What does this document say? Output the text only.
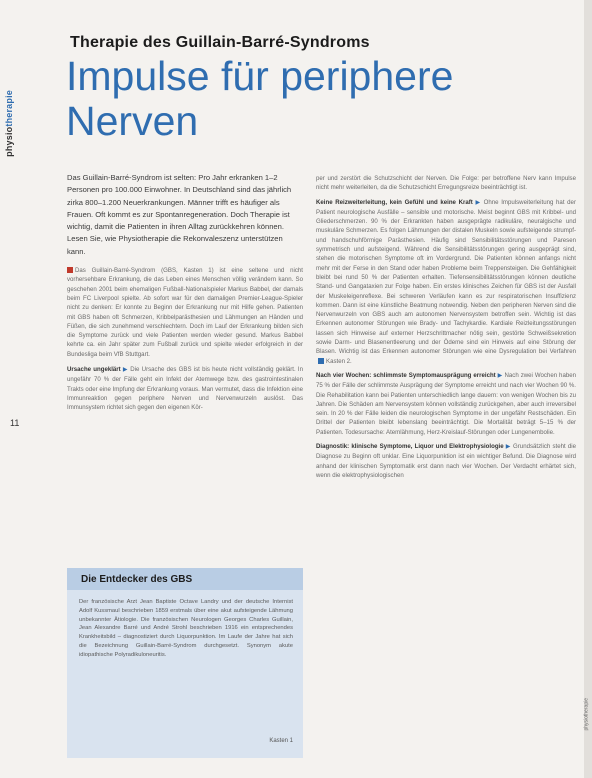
physiotherapie
11
Therapie des Guillain-Barré-Syndroms
Impulse für periphere
Nerven

Das Guillain-Barré-Syndrom ist selten: Pro Jahr erkranken 1–2 Personen pro 100.000 Einwohner. In Deutschland sind das jährlich zirka 800–1.200 Neuerkrankungen. Männer trifft es häufiger als Frauen. Oft kommt es zur Spontanregeneration. Doch Therapie ist wichtig, damit die Patienten in ihren Alltag zurückkehren können. Lesen Sie, wie Physiotherapie die Rekonvaleszenz unterstützen kann.

Das Guillain-Barré-Syndrom (GBS, Kasten 1) ist eine seltene und nicht vorhersehbare Erkrankung, die das Leben eines Menschen völlig verändern kann. So geschehen 2001 beim ehemaligen Fußball-Nationalspieler Markus Babbel, der damals beim FC Liverpool spielte. Ab sofort war für den damaligen Premier-League-Spieler nicht zu denken: Er konnte zu Beginn der Erkrankung nur mit Hilfe gehen. Patienten mit GBS haben oft Schmerzen, Kribbelparästhesien und Lähmungen an Händen und Füßen, die sich zunehmend verschlechtern. Doch im Lauf der Erkrankung bilden sich die Symptome zurück und viele Patienten werden wieder gesund. Markus Babbel kehrte ca. ein Jahr später zum Fußball zurück und spielte wieder erfolgreich in der Bundesliga beim VfB Stuttgart.

Ursache ungeklärt ▶ Die Ursache des GBS ist bis heute nicht vollständig geklärt. In ungefähr 70 % der Fälle geht ein Infekt der Atemwege bzw. des gastrointestinalen Trakts oder eine Impfung der Erkrankung voraus. Man vermutet, dass die Infektion eine Immunreaktion gegen periphere Nerven und Nervenwurzeln auslöst. Das Immunsystem richtet sich gegen den eigenen Kör-

Die Entdecker des GBS
Der französische Arzt Jean Baptiste Octave Landry und der deutsche Internist Adolf Kussmaul beschrieben 1859 erstmals über eine akut aufsteigende Lähmung unbekannter Ätiologie. Die französischen Neurologen Georges Charles Guillain, Jean Alexandre Barré und André Strohl beschrieben 1916 ein entsprechendes Krankheitsbild – diagnostiziert durch Liquorpunktion. Im Laufe der Jahre hat sich die Bezeichnung Guillain-Barré-Syndrom durchgesetzt. Synonym akute idiopathische Polyradikuloneuritis.
Kasten 1

per und zerstört die Schutzschicht der Nerven. Die Folge: per betroffene Nerv kann Impulse nicht mehr weiterleiten, da die Schutzschicht Erregungsreize beeinträchtigt ist.

Keine Reizweiterleitung, kein Gefühl und keine Kraft ▶ Ohne Impulsweiterleitung hat der Patient neurologische Ausfälle – sensible und motorische. Meist beginnt GBS mit Kribbel- und Gliederschmerzen. 90 % der Erkrankten haben ausgeprägte radikuläre, neuralgische und muskuläre Schmerzen. Es folgen Lähmungen der distalen Muskeln sowie aufsteigende strumpf- und handschuhförmige Parästhesien. Häufig sind Sensibilitätsstörungen und Paresen symmetrisch und aufsteigend. Während die Sensibilitätsstörungen gering ausgeprägt sind, stehen die motorischen Symptome oft im Vordergrund. Die Patienten können anfangs nicht mehr mit der Ferse in den Stand oder haben Probleme beim Treppensteigen. Die Gehfähigkeit bleibt bei rund 50 % der Patienten erhalten. Tiefensensibilitätsstörungen können deutliche Stand- und Gangataxien zur Folge haben. Ein erstes klinisches Zeichen für GBS ist der Ausfall der Muskeleigenreflexe. Bei schweren Verläufen kann es zur respiratorischen Insuffizienz kommen. Dann ist eine künstliche Beatmung notwendig. Neben den peripheren Nerven sind die Nervenwurzeln von GBS auch am autonomen Nervensystem betroffen sein. Wichtig ist das Erkennen autonomer Störungen wie Brady- und Tachykardie. Kardiale Reizleitungsstörungen lassen sich Hinweise auf externer Herzschrittmacher nötig sein, gestörte Schweißsekretion sowie Darm- und Blasenentleerung und der Ödeme sind ein Hinweis auf eine Störung der Blasen. Wichtig ist das Erkennen autonomer Störungen wie eine Dysregulation bei VerfahrenKasten 2.

Nach vier Wochen: schlimmste Symptomausprägung erreicht ▶ Nach zwei Wochen haben 75 % der Fälle der schlimmste Ausprägung der Symptome erreicht und nach vier Wochen 90 %. Die Rehabilitation kann bei Patienten unterschiedlich lange dauern: von wenigen Wochen bis zu Jahren. Die Schäden am Nervensystem können vollständig zurückgehen, aber auch irreversibel sein. In 20 % der Fälle leiden die neurologischen Symptome in der ungefähr Restschäden. Ein Drittel der Patienten bleibt lebenslang beeinträchtigt. Die Mortalität beträgt 5–15 % der Patienten. Todesursache: Atemlähmung, Herz-Kreislauf-Störungen oder Lungenembolie.

Diagnostik: klinische Symptome, Liquor und Elektrophysiologie ▶ Grundsätzlich steht die Diagnose zu Beginn oft unklar. Eine Liquorpunktion ist ein wichtiger Befund. Die Diagnose wird anhand der klinischen Symptomatik erst dann nach vier Wochen. Der Verdacht erhärtet sich, wenn die elektrophysiologischen

physiotherapie
